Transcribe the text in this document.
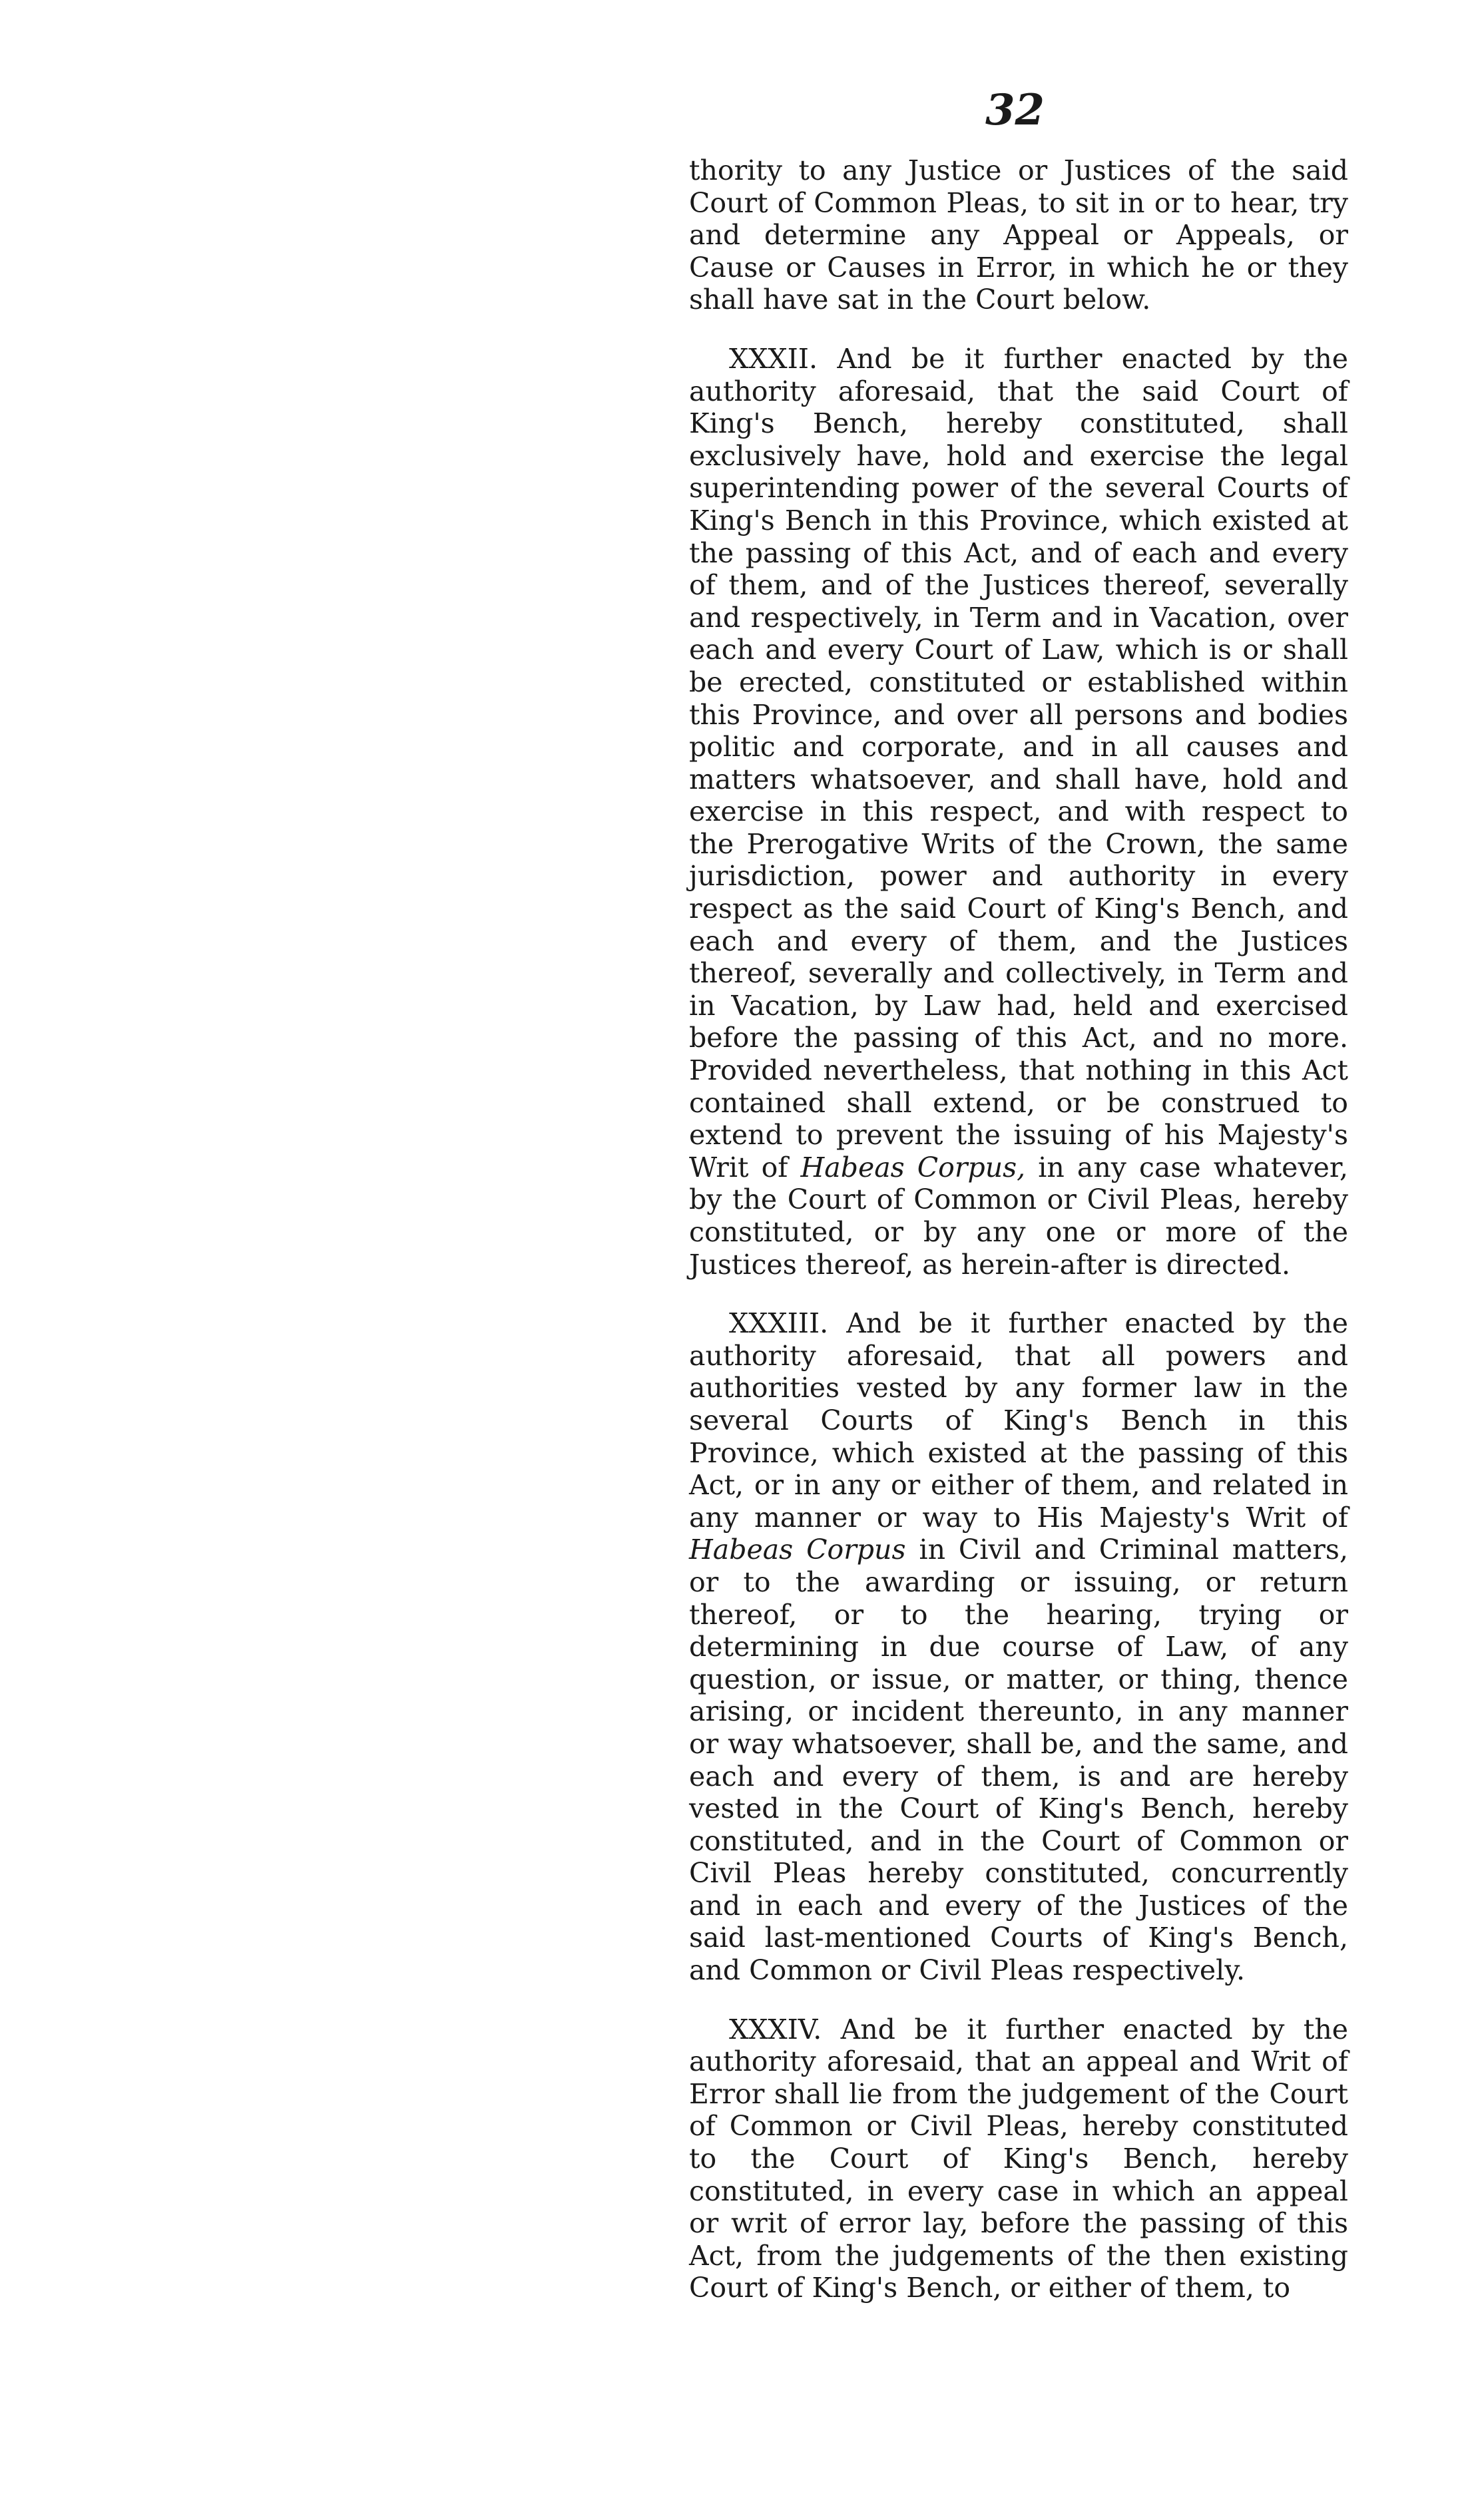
32

thority to any Justice or Justices of the said Court of Common Pleas, to sit in or to hear, try and determine any Appeal or Appeals, or Cause or Causes in Error, in which he or they shall have sat in the Court below.

XXXII. And be it further enacted by the authority aforesaid, that the said Court of King's Bench, hereby constituted, shall exclusively have, hold and exercise the legal superintending power of the several Courts of King's Bench in this Province, which existed at the passing of this Act, and of each and every of them, and of the Justices thereof, severally and respectively, in Term and in Vacation, over each and every Court of Law, which is or shall be erected, constituted or established within this Province, and over all persons and bodies politic and corporate, and in all causes and matters whatsoever, and shall have, hold and exercise in this respect, and with respect to the Prerogative Writs of the Crown, the same jurisdiction, power and authority in every respect as the said Court of King's Bench, and each and every of them, and the Justices thereof, severally and collectively, in Term and in Vacation, by Law had, held and exercised before the passing of this Act, and no more. Provided nevertheless, that nothing in this Act contained shall extend, or be construed to extend to prevent the issuing of his Majesty's Writ of Habeas Corpus, in any case whatever, by the Court of Common or Civil Pleas, hereby constituted, or by any one or more of the Justices thereof, as herein-after is directed.

XXXIII. And be it further enacted by the authority aforesaid, that all powers and authorities vested by any former law in the several Courts of King's Bench in this Province, which existed at the passing of this Act, or in any or either of them, and related in any manner or way to His Majesty's Writ of Habeas Corpus in Civil and Criminal matters, or to the awarding or issuing, or return thereof, or to the hearing, trying or determining in due course of Law, of any question, or issue, or matter, or thing, thence arising, or incident thereunto, in any manner or way whatsoever, shall be, and the same, and each and every of them, is and are hereby vested in the Court of King's Bench, hereby constituted, and in the Court of Common or Civil Pleas hereby constituted, concurrently and in each and every of the Justices of the said last-mentioned Courts of King's Bench, and Common or Civil Pleas respectively.

XXXIV. And be it further enacted by the authority aforesaid, that an appeal and Writ of Error shall lie from the judgement of the Court of Common or Civil Pleas, hereby constituted to the Court of King's Bench, hereby constituted, in every case in which an appeal or writ of error lay, before the passing of this Act, from the judgements of the then existing Court of King's Bench, or either of them, to
